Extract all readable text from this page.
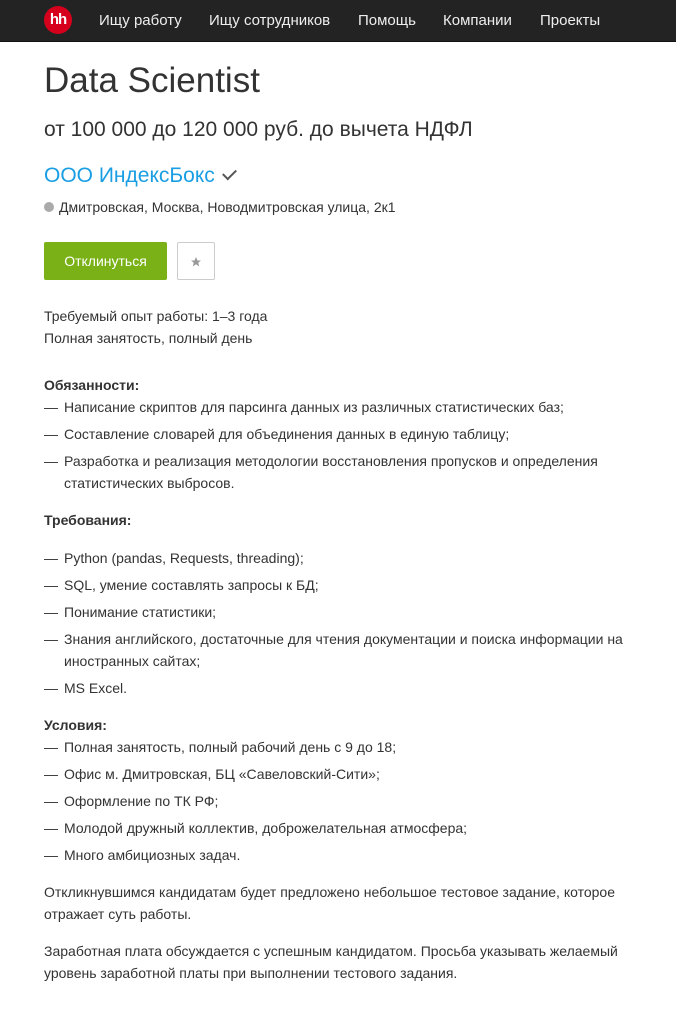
hh	Ищу работу Ищу сотрудников Помощь Компании Проекты
Data Scientist
от 100 000 до 120 000 руб. до вычета НДФЛ
ООО ИндексБокс
Дмитровская, Москва, Новодмитровская улица, 2к1
Отклинуться
Требуемый опыт работы: 1–3 года
Полная занятость, полный день
Обязанности:
— Написание скриптов для парсинга данных из различных статистических баз;
— Составление словарей для объединения данных в единую таблицу;
— Разработка и реализация методологии восстановления пропусков и определения статистических выбросов.
Требования:
— Python (pandas, Requests, threading);
— SQL, умение составлять запросы к БД;
— Понимание статистики;
— Знания английского, достаточные для чтения документации и поиска информации на иностранных сайтах;
— MS Excel.
Условия:
— Полная занятость, полный рабочий день с 9 до 18;
— Офис м. Дмитровская, БЦ «Савеловский-Сити»;
— Оформление по ТК РФ;
— Молодой дружный коллектив, доброжелательная атмосфера;
— Много амбициозных задач.
Откликнувшимся кандидатам будет предложено небольшое тестовое задание, которое отражает суть работы.
Заработная плата обсуждается с успешным кандидатом. Просьба указывать желаемый уровень заработной платы при выполнении тестового задания.
